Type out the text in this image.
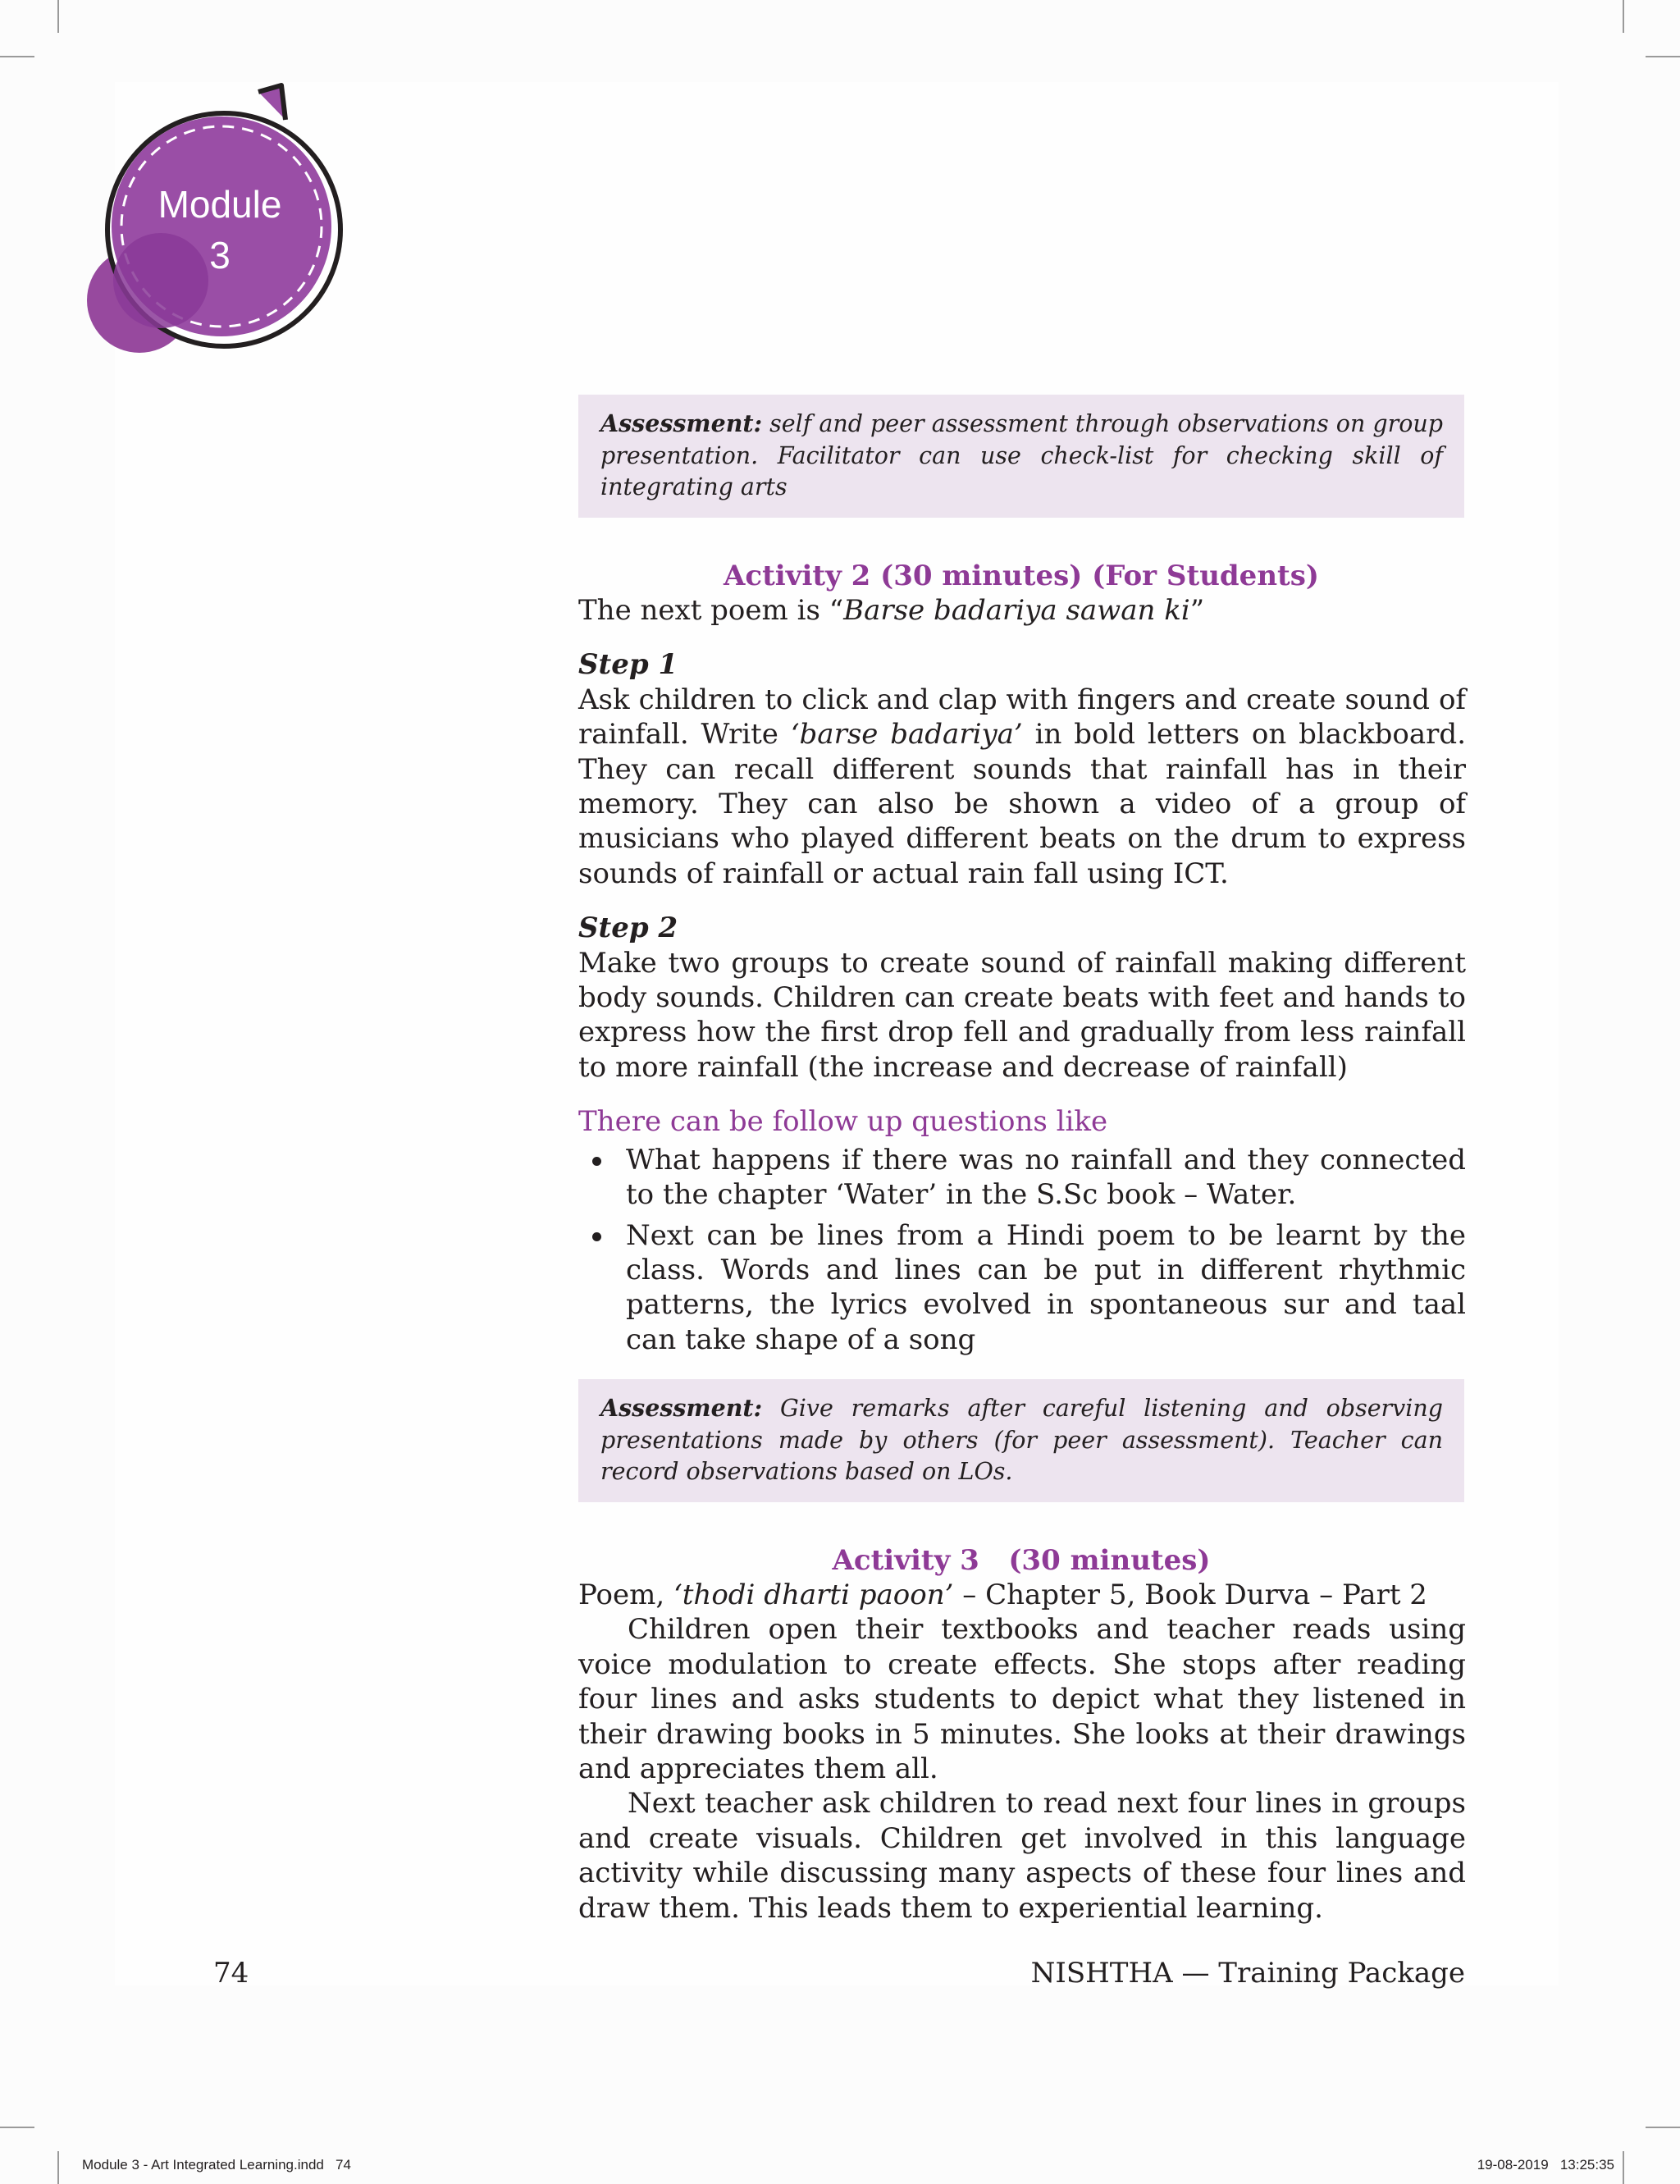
Module
3
Assessment: self and peer assessment through observations on group presentation. Facilitator can use check-list for checking skill of integrating arts
Activity 2 (30 minutes) (For Students)

The next poem is “Barse badariya sawan ki”

Step 1

Ask children to click and clap with fingers and create sound of rainfall. Write ‘barse badariya’ in bold letters on blackboard. They can recall different sounds that rainfall has in their memory. They can also be shown a video of a group of musicians who played different beats on the drum to express sounds of rainfall or actual rain fall using ICT.

Step 2

Make two groups to create sound of rainfall making different body sounds. Children can create beats with feet and hands to express how the first drop fell and gradually from less rainfall to more rainfall (the increase and decrease of rainfall)

There can be follow up questions like

What happens if there was no rainfall and they connected to the chapter ‘Water’ in the S.Sc book – Water.
Next can be lines from a Hindi poem to be learnt by the class. Words and lines can be put in different rhythmic patterns, the lyrics evolved in spontaneous sur and taal can take shape of a song
Assessment: Give remarks after careful listening and observing presentations made by others (for peer assessment). Teacher can record observations based on LOs.
Activity 3   (30 minutes)

Poem, ‘thodi dharti paoon’ – Chapter 5, Book Durva – Part 2

Children open their textbooks and teacher reads using voice modulation to create effects. She stops after reading four lines and asks students to depict what they listened in their drawing books in 5 minutes. She looks at their drawings and appreciates them all.

Next teacher ask children to read next four lines in groups and create visuals. Children get involved in this language activity while discussing many aspects of these four lines and draw them. This leads them to experiential learning.

74	NISHTHA — Training Package
Module 3 - Art Integrated Learning.indd   74	19-08-2019   13:25:35
